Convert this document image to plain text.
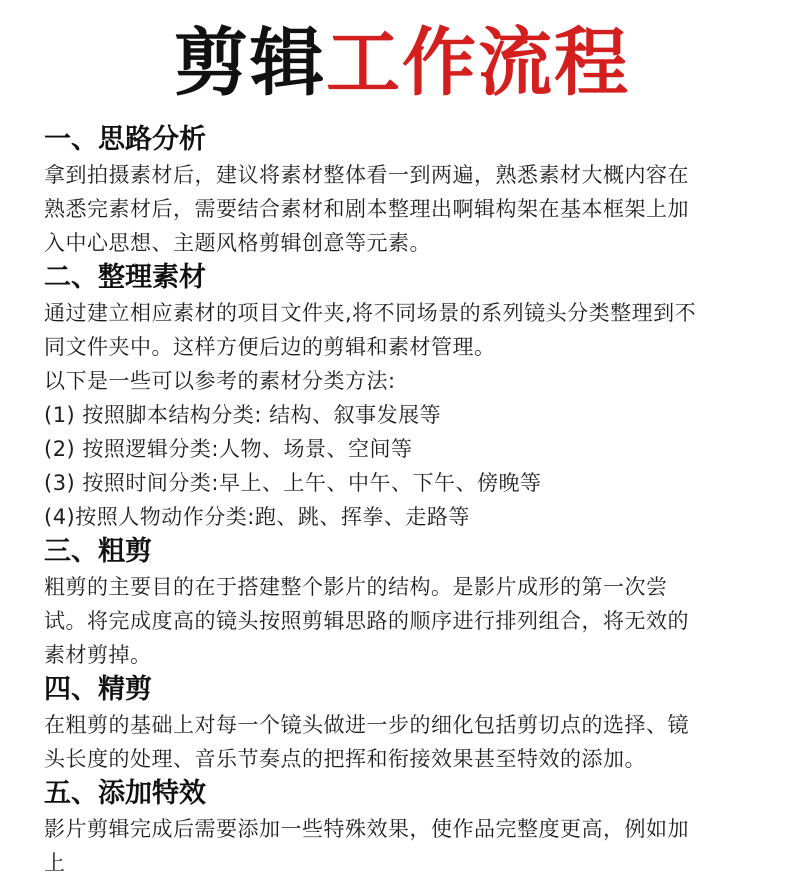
剪辑 工作流程
一、思路分析

拿到拍摄素材后，建议将素材整体看一到两遍，熟悉素材大概内容在

熟悉完素材后，需要结合素材和剧本整理出啊辑构架在基本框架上加

入中心思想、主题风格剪辑创意等元素。

二、整理素材

通过建立相应素材的项目文件夹,将不同场景的系列镜头分类整理到不

同文件夹中。这样方便后边的剪辑和素材管理。

以下是一些可以参考的素材分类方法:

(1) 按照脚本结构分类: 结构、叙事发展等

(2) 按照逻辑分类:人物、场景、空间等

(3) 按照时间分类:早上、上午、中午、下午、傍晚等

(4)按照人物动作分类:跑、跳、挥拳、走路等

三、粗剪

粗剪的主要目的在于搭建整个影片的结构。是影片成形的第一次尝

试。将完成度高的镜头按照剪辑思路的顺序进行排列组合，将无效的

素材剪掉。

四、精剪

在粗剪的基础上对每一个镜头做进一步的细化包括剪切点的选择、镜

头长度的处理、音乐节奏点的把挥和衔接效果甚至特效的添加。

五、添加特效

影片剪辑完成后需要添加一些特殊效果，使作品完整度更高，例如加

上
